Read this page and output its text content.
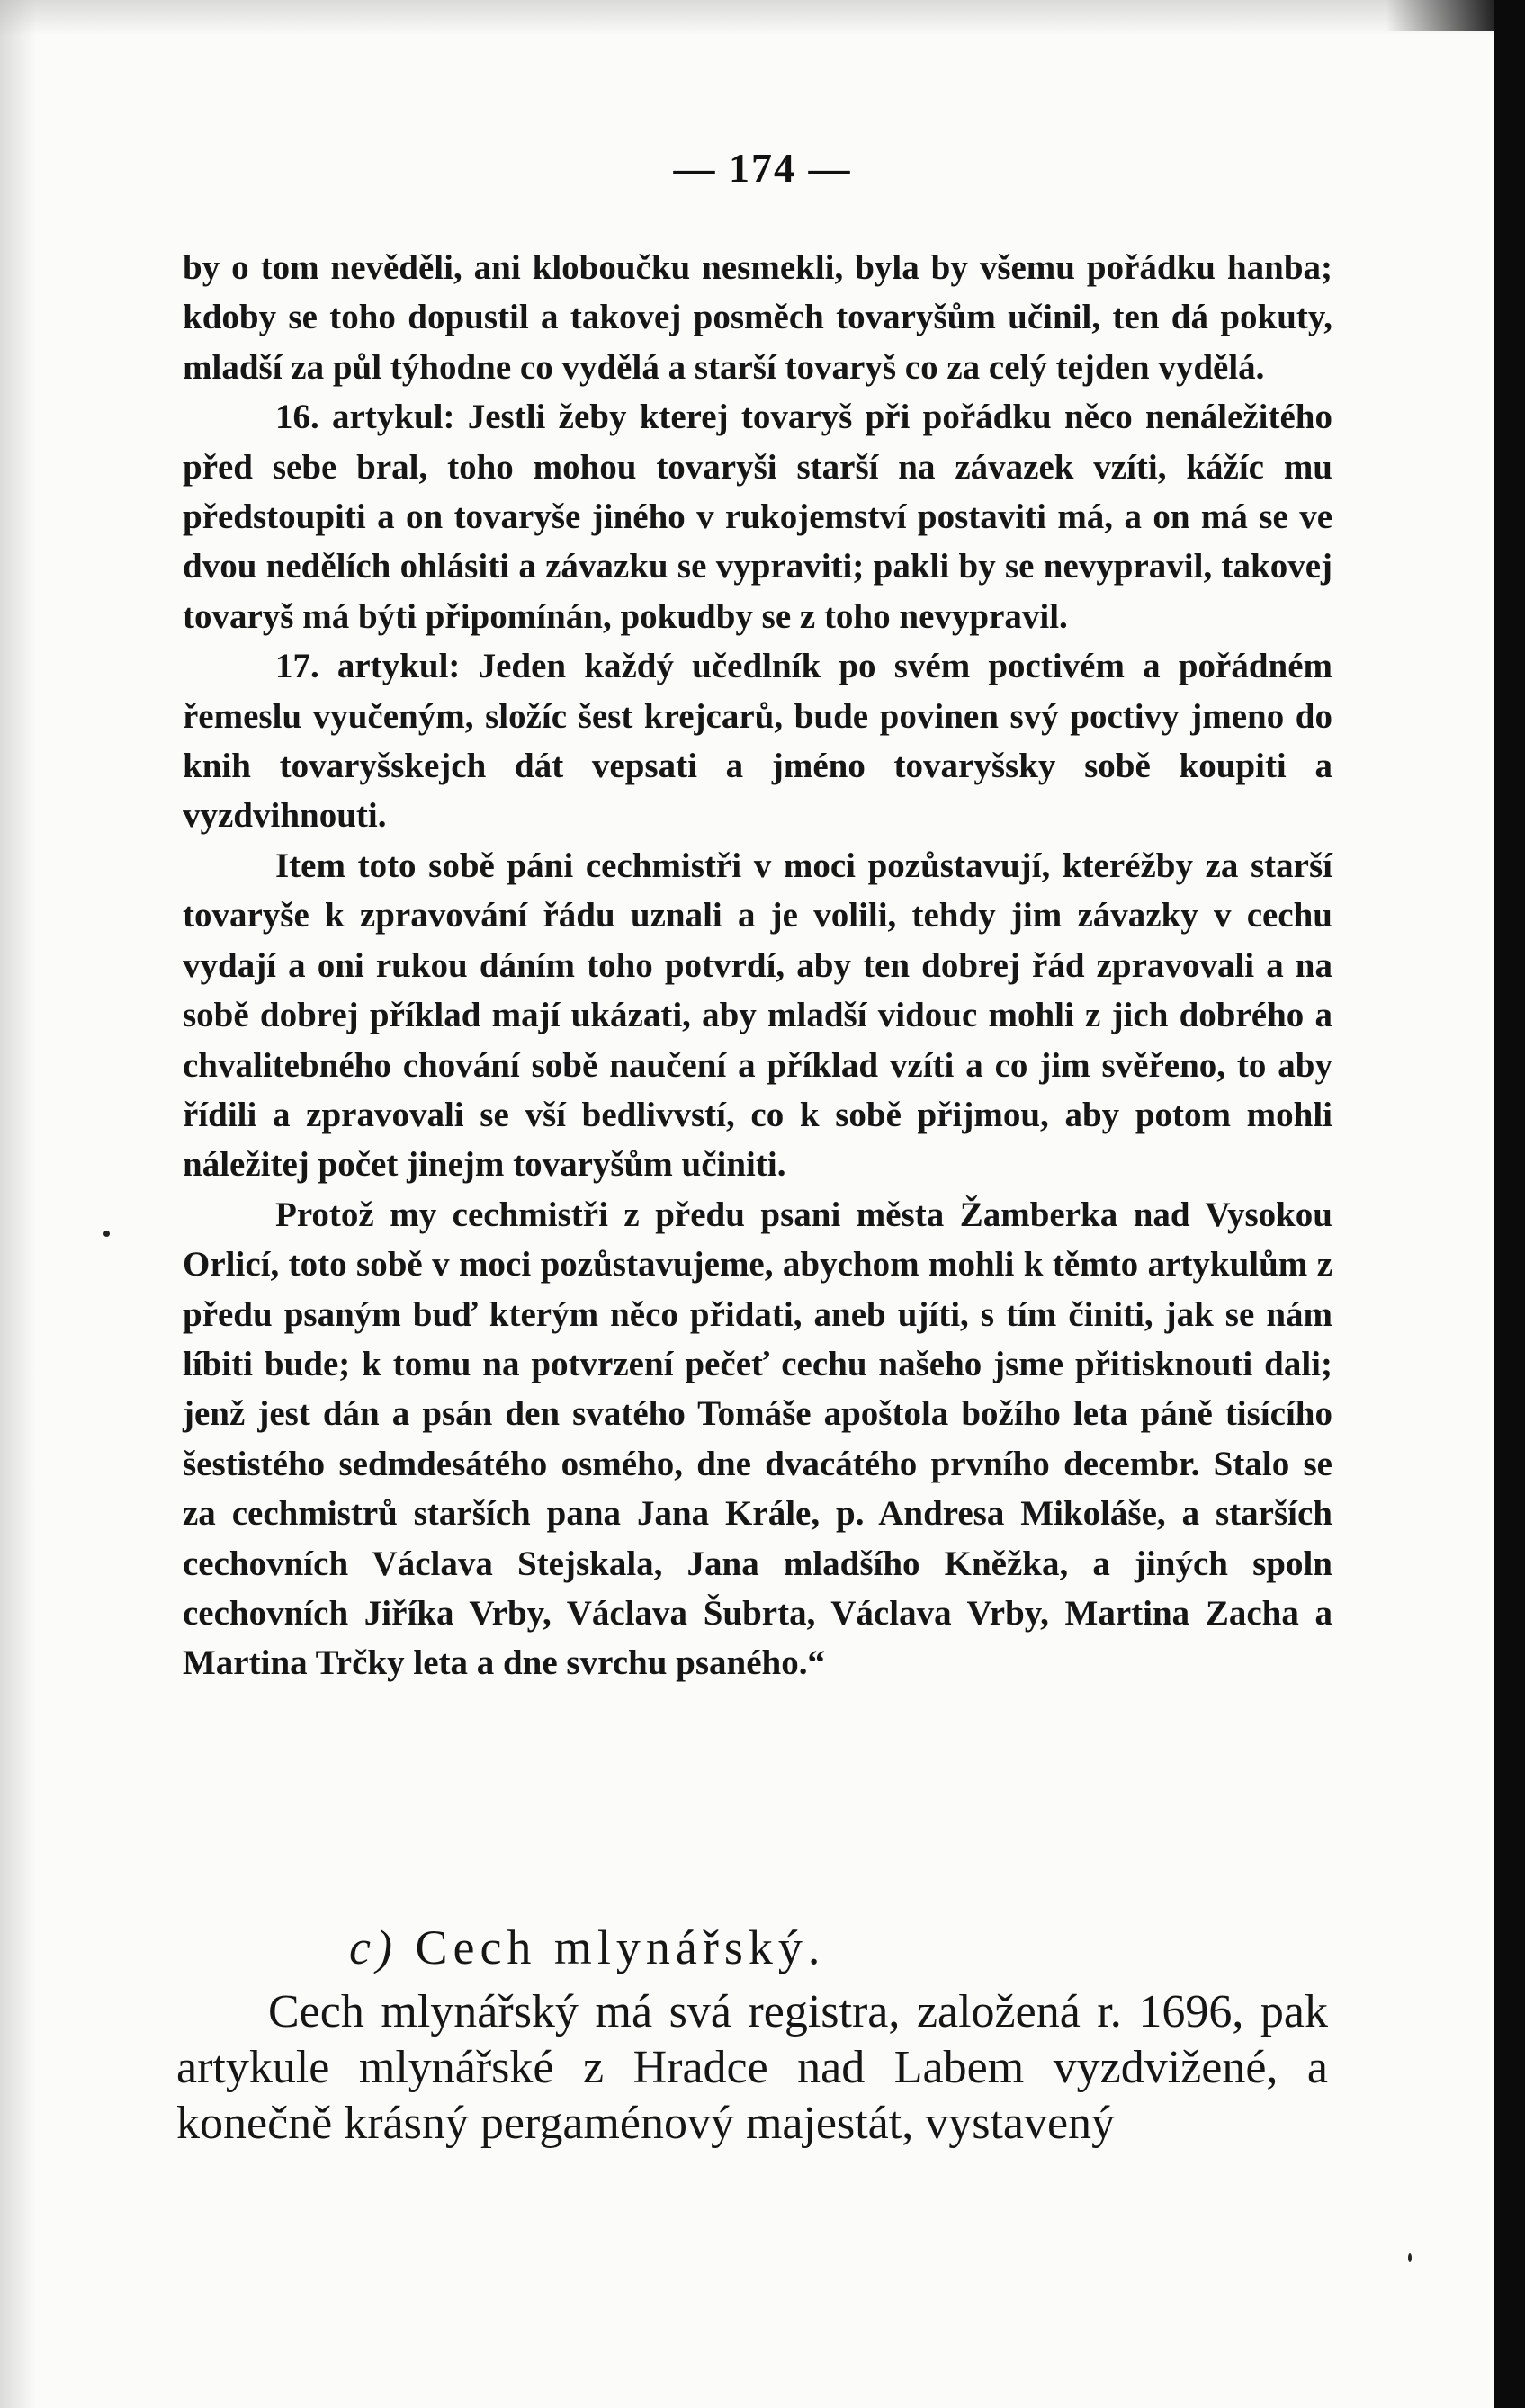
— 174 —

by o tom nevěděli, ani kloboučku nesmekli, byla by všemu pořádku hanba; kdoby se toho dopustil a takovej posměch tovaryšům učinil, ten dá pokuty, mladší za půl týhodne co vydělá a starší tovaryš co za celý tejden vydělá.

16. artykul: Jestli žeby kterej tovaryš při pořádku něco nenáležitého před sebe bral, toho mohou tovaryši starší na závazek vzíti, kážíc mu předstoupiti a on tovaryše jiného v rukojemství postaviti má, a on má se ve dvou nedělích ohlásiti a závazku se vypraviti; pakli by se nevypravil, takovej tovaryš má býti připomínán, pokudby se z toho nevypravil.

17. artykul: Jeden každý učedlník po svém poctivém a pořádném řemeslu vyučeným, složíc šest krejcarů, bude povinen svý poctivy jmeno do knih tovaryšskejch dát vepsati a jméno tovaryšsky sobě koupiti a vyzdvihnouti.

Item toto sobě páni cechmistři v moci pozůstavují, kteréžby za starší tovaryše k zpravování řádu uznali a je volili, tehdy jim závazky v cechu vydají a oni rukou dáním toho potvrdí, aby ten dobrej řád zpravovali a na sobě dobrej příklad mají ukázati, aby mladší vidouc mohli z jich dobrého a chvalitebného chování sobě naučení a příklad vzíti a co jim svěřeno, to aby řídili a zpravovali se vší bedlivvstí, co k sobě přijmou, aby potom mohli náležitej počet jinejm tovaryšům učiniti.

Protož my cechmistři z předu psani města Žamberka nad Vysokou Orlicí, toto sobě v moci pozůstavujeme, abychom mohli k těmto artykulům z předu psaným buď kterým něco přidati, aneb ujíti, s tím činiti, jak se nám líbiti bude; k tomu na potvrzení pečeť cechu našeho jsme přitisknouti dali; jenž jest dán a psán den svatého Tomáše apoštola božího leta páně tisícího šestistého sedmdesátého osmého, dne dvacátého prvního decembr. Stalo se za cechmistrů starších pana Jana Krále, p. Andresa Mikoláše, a starších cechovních Václava Stejskala, Jana mladšího Kněžka, a jiných spoln cechovních Jiříka Vrby, Václava Šubrta, Václava Vrby, Martina Zacha a Martina Trčky leta a dne svrchu psaného.“

c) Cech mlynářský.

Cech mlynářský má svá registra, založená r. 1696, pak artykule mlynářské z Hradce nad Labem vyzdvižené, a konečně krásný pergaménový majestát, vystavený
